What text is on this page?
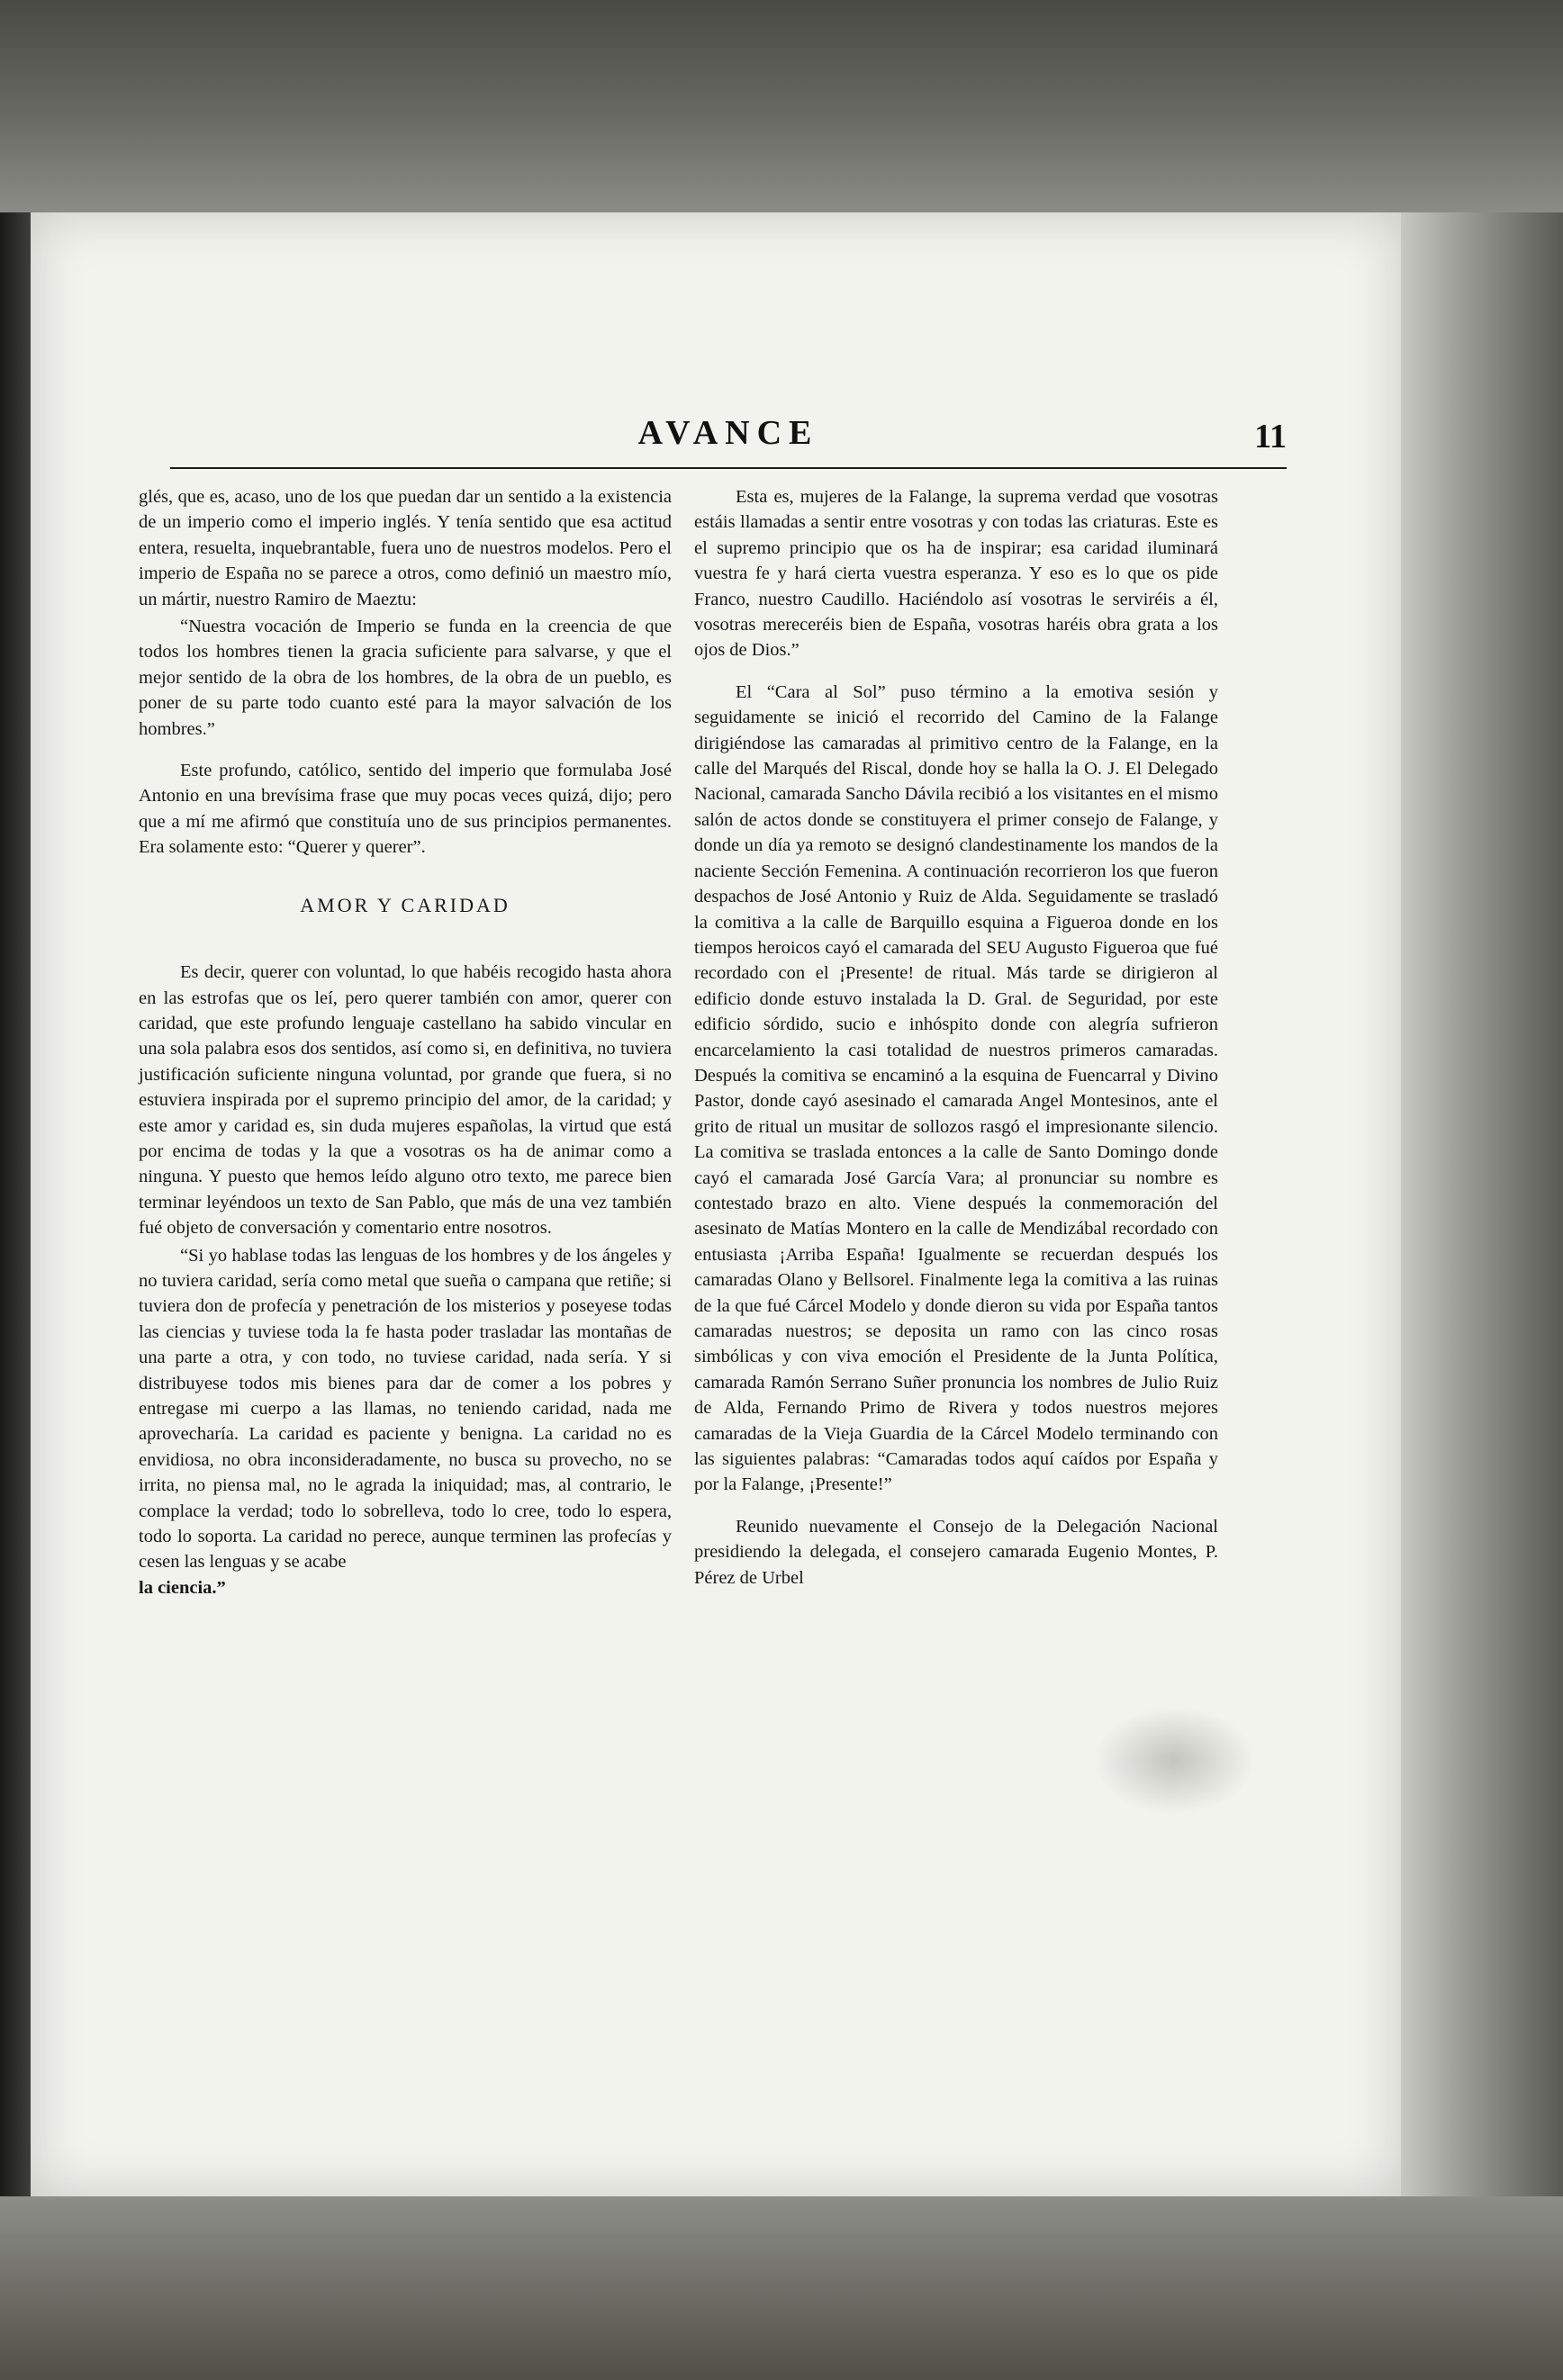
AVANCE	11

glés, que es, acaso, uno de los que puedan dar un sentido a la existencia de un imperio como el imperio inglés. Y tenía sentido que esa actitud entera, resuelta, inquebrantable, fuera uno de nuestros modelos. Pero el imperio de España no se parece a otros, como definió un maestro mío, un mártir, nuestro Ramiro de Maeztu:

“Nuestra vocación de Imperio se funda en la creencia de que todos los hombres tienen la gracia suficiente para salvarse, y que el mejor sentido de la obra de los hombres, de la obra de un pueblo, es poner de su parte todo cuanto esté para la mayor salvación de los hombres.”

Este profundo, católico, sentido del imperio que formulaba José Antonio en una brevísima frase que muy pocas veces quizá, dijo; pero que a mí me afirmó que constituía uno de sus principios permanentes. Era solamente esto: “Querer y querer”.

AMOR Y CARIDAD

Es decir, querer con voluntad, lo que habéis recogido hasta ahora en las estrofas que os leí, pero querer también con amor, querer con caridad, que este profundo lenguaje castellano ha sabido vincular en una sola palabra esos dos sentidos, así como si, en definitiva, no tuviera justificación suficiente ninguna voluntad, por grande que fuera, si no estuviera inspirada por el supremo principio del amor, de la caridad; y este amor y caridad es, sin duda mujeres españolas, la virtud que está por encima de todas y la que a vosotras os ha de animar como a ninguna. Y puesto que hemos leído alguno otro texto, me parece bien terminar leyéndoos un texto de San Pablo, que más de una vez también fué objeto de conversación y comentario entre nosotros.

“Si yo hablase todas las lenguas de los hombres y de los ángeles y no tuviera caridad, sería como metal que sueña o campana que retiñe; si tuviera don de profecía y penetración de los misterios y poseyese todas las ciencias y tuviese toda la fe hasta poder trasladar las montañas de una parte a otra, y con todo, no tuviese caridad, nada sería. Y si distribuyese todos mis bienes para dar de comer a los pobres y entregase mi cuerpo a las llamas, no teniendo caridad, nada me aprovecharía. La caridad es paciente y benigna. La caridad no es envidiosa, no obra inconsideradamente, no busca su provecho, no se irrita, no piensa mal, no le agrada la iniquidad; mas, al contrario, le complace la verdad; todo lo sobrelleva, todo lo cree, todo lo espera, todo lo soporta. La caridad no perece, aunque terminen las profecías y cesen las lenguas y se acabe

la ciencia.”

Esta es, mujeres de la Falange, la suprema verdad que vosotras estáis llamadas a sentir entre vosotras y con todas las criaturas. Este es el supremo principio que os ha de inspirar; esa caridad iluminará vuestra fe y hará cierta vuestra esperanza. Y eso es lo que os pide Franco, nuestro Caudillo. Haciéndolo así vosotras le serviréis a él, vosotras mereceréis bien de España, vosotras haréis obra grata a los ojos de Dios.”

El “Cara al Sol” puso término a la emotiva sesión y seguidamente se inició el recorrido del Camino de la Falange dirigiéndose las camaradas al primitivo centro de la Falange, en la calle del Marqués del Riscal, donde hoy se halla la O. J. El Delegado Nacional, camarada Sancho Dávila recibió a los visitantes en el mismo salón de actos donde se constituyera el primer consejo de Falange, y donde un día ya remoto se designó clandestinamente los mandos de la naciente Sección Femenina. A continuación recorrieron los que fueron despachos de José Antonio y Ruiz de Alda. Seguidamente se trasladó la comitiva a la calle de Barquillo esquina a Figueroa donde en los tiempos heroicos cayó el camarada del SEU Augusto Figueroa que fué recordado con el ¡Presente! de ritual. Más tarde se dirigieron al edificio donde estuvo instalada la D. Gral. de Seguridad, por este edificio sórdido, sucio e inhóspito donde con alegría sufrieron encarcelamiento la casi totalidad de nuestros primeros camaradas. Después la comitiva se encaminó a la esquina de Fuencarral y Divino Pastor, donde cayó asesinado el camarada Angel Montesinos, ante el grito de ritual un musitar de sollozos rasgó el impresionante silencio. La comitiva se traslada entonces a la calle de Santo Domingo donde cayó el camarada José García Vara; al pronunciar su nombre es contestado brazo en alto. Viene después la conmemoración del asesinato de Matías Montero en la calle de Mendizábal recordado con entusiasta ¡Arriba España! Igualmente se recuerdan después los camaradas Olano y Bellsorel. Finalmente lega la comitiva a las ruinas de la que fué Cárcel Modelo y donde dieron su vida por España tantos camaradas nuestros; se deposita un ramo con las cinco rosas simbólicas y con viva emoción el Presidente de la Junta Política, camarada Ramón Serrano Suñer pronuncia los nombres de Julio Ruiz de Alda, Fernando Primo de Rivera y todos nuestros mejores camaradas de la Vieja Guardia de la Cárcel Modelo terminando con las siguientes palabras: “Camaradas todos aquí caídos por España y por la Falange, ¡Presente!”

Reunido nuevamente el Consejo de la Delegación Nacional presidiendo la delegada, el consejero camarada Eugenio Montes, P. Pérez de Urbel
